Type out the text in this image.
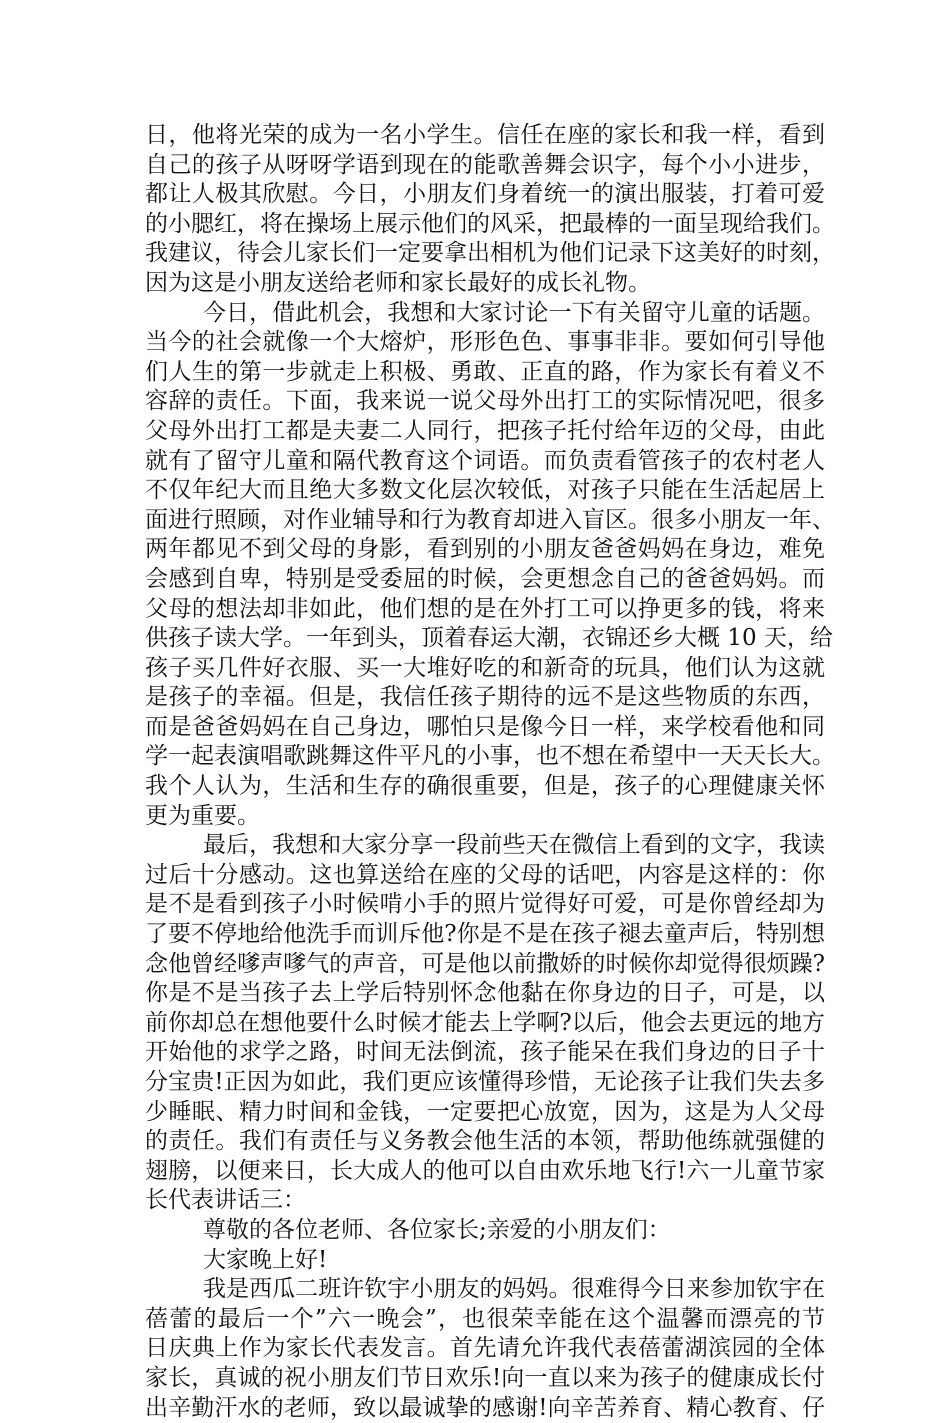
日，他将光荣的成为一名小学生。信任在座的家长和我一样，看到
自己的孩子从呀呀学语到现在的能歌善舞会识字，每个小小进步，
都让人极其欣慰。今日，小朋友们身着统一的演出服装，打着可爱
的小腮红，将在操场上展示他们的风采，把最棒的一面呈现给我们。
我建议，待会儿家长们一定要拿出相机为他们记录下这美好的时刻，
因为这是小朋友送给老师和家长最好的成长礼物。
今日，借此机会，我想和大家讨论一下有关留守儿童的话题。
当今的社会就像一个大熔炉，形形色色、事事非非。要如何引导他
们人生的第一步就走上积极、勇敢、正直的路，作为家长有着义不
容辞的责任。下面，我来说一说父母外出打工的实际情况吧，很多
父母外出打工都是夫妻二人同行，把孩子托付给年迈的父母，由此
就有了留守儿童和隔代教育这个词语。而负责看管孩子的农村老人
不仅年纪大而且绝大多数文化层次较低，对孩子只能在生活起居上
面进行照顾，对作业辅导和行为教育却进入盲区。很多小朋友一年、
两年都见不到父母的身影，看到别的小朋友爸爸妈妈在身边，难免
会感到自卑，特别是受委屈的时候，会更想念自己的爸爸妈妈。而
父母的想法却非如此，他们想的是在外打工可以挣更多的钱，将来
供孩子读大学。一年到头，顶着春运大潮，衣锦还乡大概 10 天，给
孩子买几件好衣服、买一大堆好吃的和新奇的玩具，他们认为这就
是孩子的幸福。但是，我信任孩子期待的远不是这些物质的东西，
而是爸爸妈妈在自己身边，哪怕只是像今日一样，来学校看他和同
学一起表演唱歌跳舞这件平凡的小事，也不想在希望中一天天长大。
我个人认为，生活和生存的确很重要，但是，孩子的心理健康关怀
更为重要。
最后，我想和大家分享一段前些天在微信上看到的文字，我读
过后十分感动。这也算送给在座的父母的话吧，内容是这样的：你
是不是看到孩子小时候啃小手的照片觉得好可爱，可是你曾经却为
了要不停地给他洗手而训斥他?你是不是在孩子褪去童声后，特别想
念他曾经嗲声嗲气的声音，可是他以前撒娇的时候你却觉得很烦躁?
你是不是当孩子去上学后特别怀念他黏在你身边的日子，可是，以
前你却总在想他要什么时候才能去上学啊?以后，他会去更远的地方
开始他的求学之路，时间无法倒流，孩子能呆在我们身边的日子十
分宝贵!正因为如此，我们更应该懂得珍惜，无论孩子让我们失去多
少睡眠、精力时间和金钱，一定要把心放宽，因为，这是为人父母
的责任。我们有责任与义务教会他生活的本领，帮助他练就强健的
翅膀，以便来日，长大成人的他可以自由欢乐地飞行!六一儿童节家
长代表讲话三：
尊敬的各位老师、各位家长;亲爱的小朋友们：
大家晚上好!
我是西瓜二班许钦宇小朋友的妈妈。很难得今日来参加钦宇在
蓓蕾的最后一个”六一晚会”，也很荣幸能在这个温馨而漂亮的节
日庆典上作为家长代表发言。首先请允许我代表蓓蕾湖滨园的全体
家长，真诚的祝小朋友们节日欢乐!向一直以来为孩子的健康成长付
出辛勤汗水的老师，致以最诚挚的感谢!向辛苦养育、精心教育、仔
